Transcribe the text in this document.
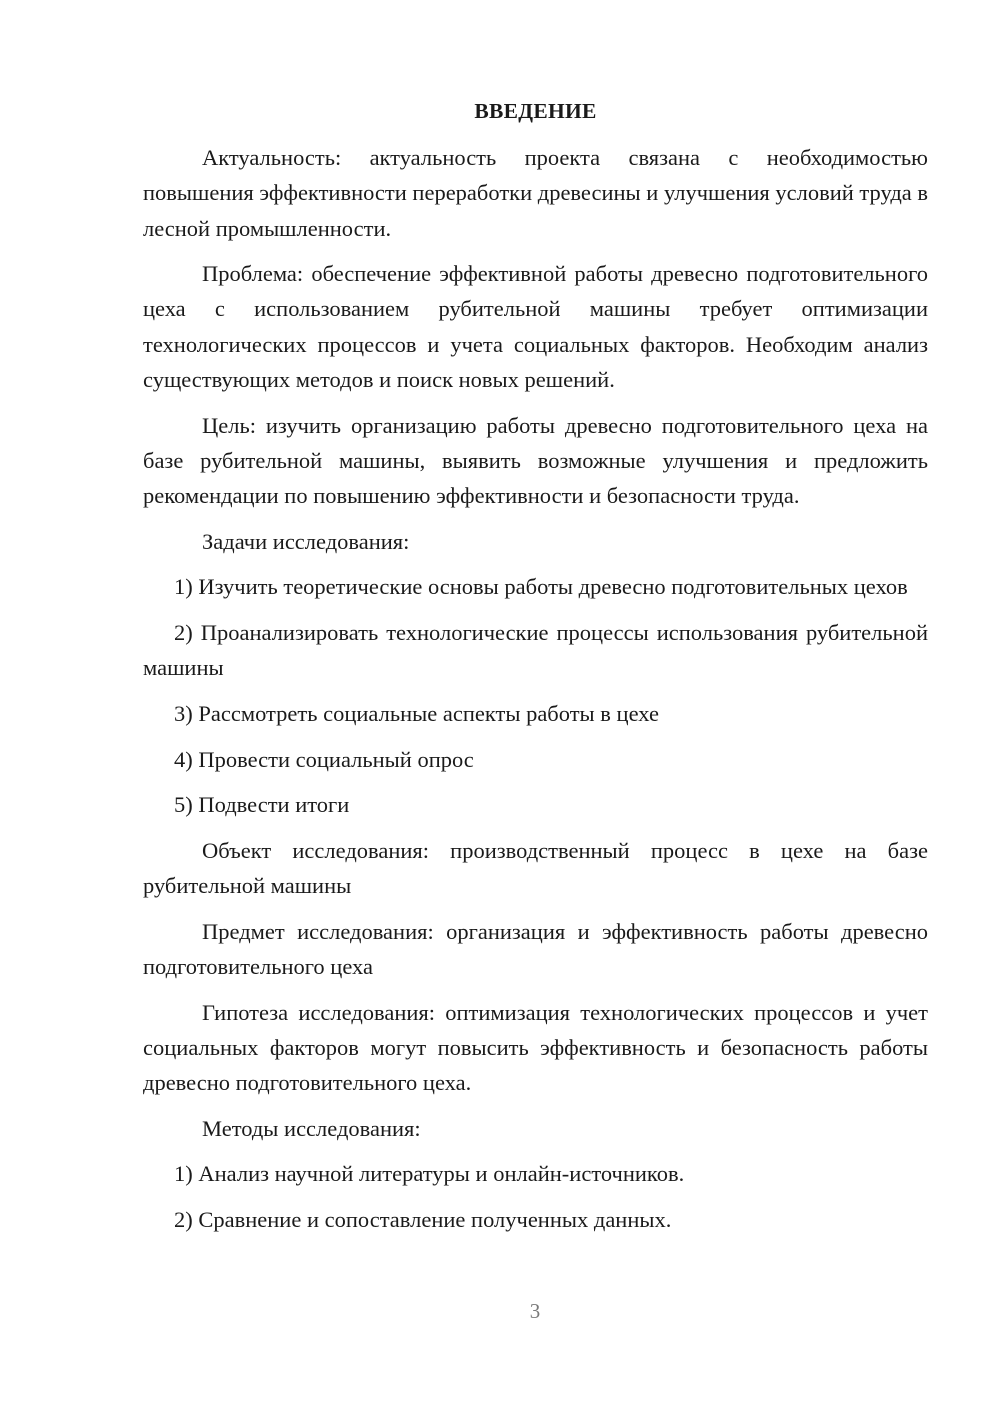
ВВЕДЕНИЕ
Актуальность: актуальность проекта связана с необходимостью повышения эффективности переработки древесины и улучшения условий труда в лесной промышленности.
Проблема: обеспечение эффективной работы древесно подготовительного цеха с использованием рубительной машины требует оптимизации технологических процессов и учета социальных факторов. Необходим анализ существующих методов и поиск новых решений.
Цель: изучить организацию работы древесно подготовительного цеха на базе рубительной машины, выявить возможные улучшения и предложить рекомендации по повышению эффективности и безопасности труда.
Задачи исследования:
1) Изучить теоретические основы работы древесно подготовительных цехов
2) Проанализировать технологические процессы использования рубительной машины
3) Рассмотреть социальные аспекты работы в цехе
4) Провести социальный опрос
5) Подвести итоги
Объект исследования: производственный процесс в цехе на базе рубительной машины
Предмет исследования: организация и эффективность работы древесно подготовительного цеха
Гипотеза исследования: оптимизация технологических процессов и учет социальных факторов могут повысить эффективность и безопасность работы древесно подготовительного цеха.
Методы исследования:
1) Анализ научной литературы и онлайн-источников.
2) Сравнение и сопоставление полученных данных.
3
